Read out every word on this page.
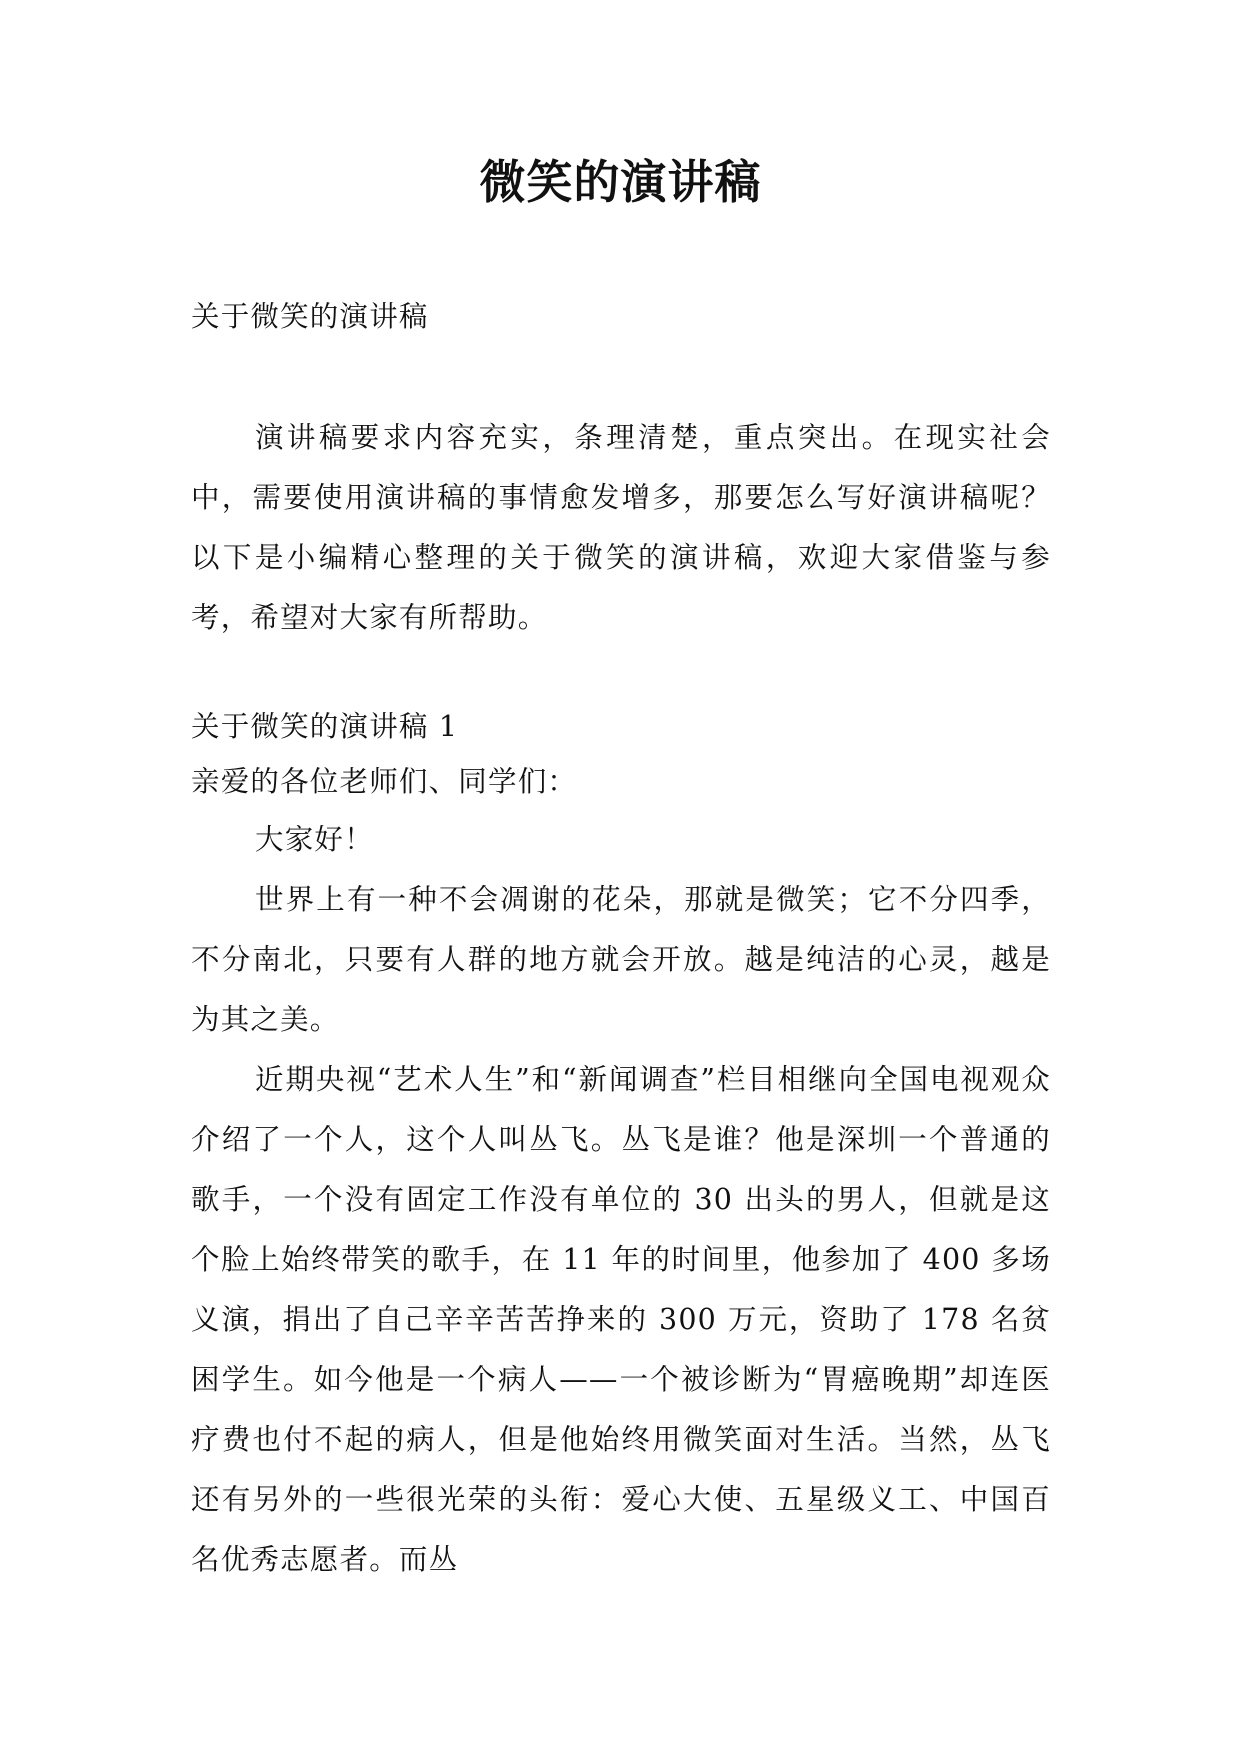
微笑的演讲稿
关于微笑的演讲稿
演讲稿要求内容充实，条理清楚，重点突出。在现实社会中，需要使用演讲稿的事情愈发增多，那要怎么写好演讲稿呢？以下是小编精心整理的关于微笑的演讲稿，欢迎大家借鉴与参考，希望对大家有所帮助。
关于微笑的演讲稿 1
亲爱的各位老师们、同学们：
大家好！
世界上有一种不会凋谢的花朵，那就是微笑；它不分四季，不分南北，只要有人群的地方就会开放。越是纯洁的心灵，越是为其之美。
近期央视“艺术人生”和“新闻调查”栏目相继向全国电视观众介绍了一个人，这个人叫丛飞。丛飞是谁？他是深圳一个普通的歌手，一个没有固定工作没有单位的 30 出头的男人，但就是这个脸上始终带笑的歌手，在 11 年的时间里，他参加了 400 多场义演，捐出了自己辛辛苦苦挣来的 300 万元，资助了 178 名贫困学生。如今他是一个病人——一个被诊断为“胃癌晚期”却连医疗费也付不起的病人，但是他始终用微笑面对生活。当然，丛飞还有另外的一些很光荣的头衔：爱心大使、五星级义工、中国百名优秀志愿者。而丛
